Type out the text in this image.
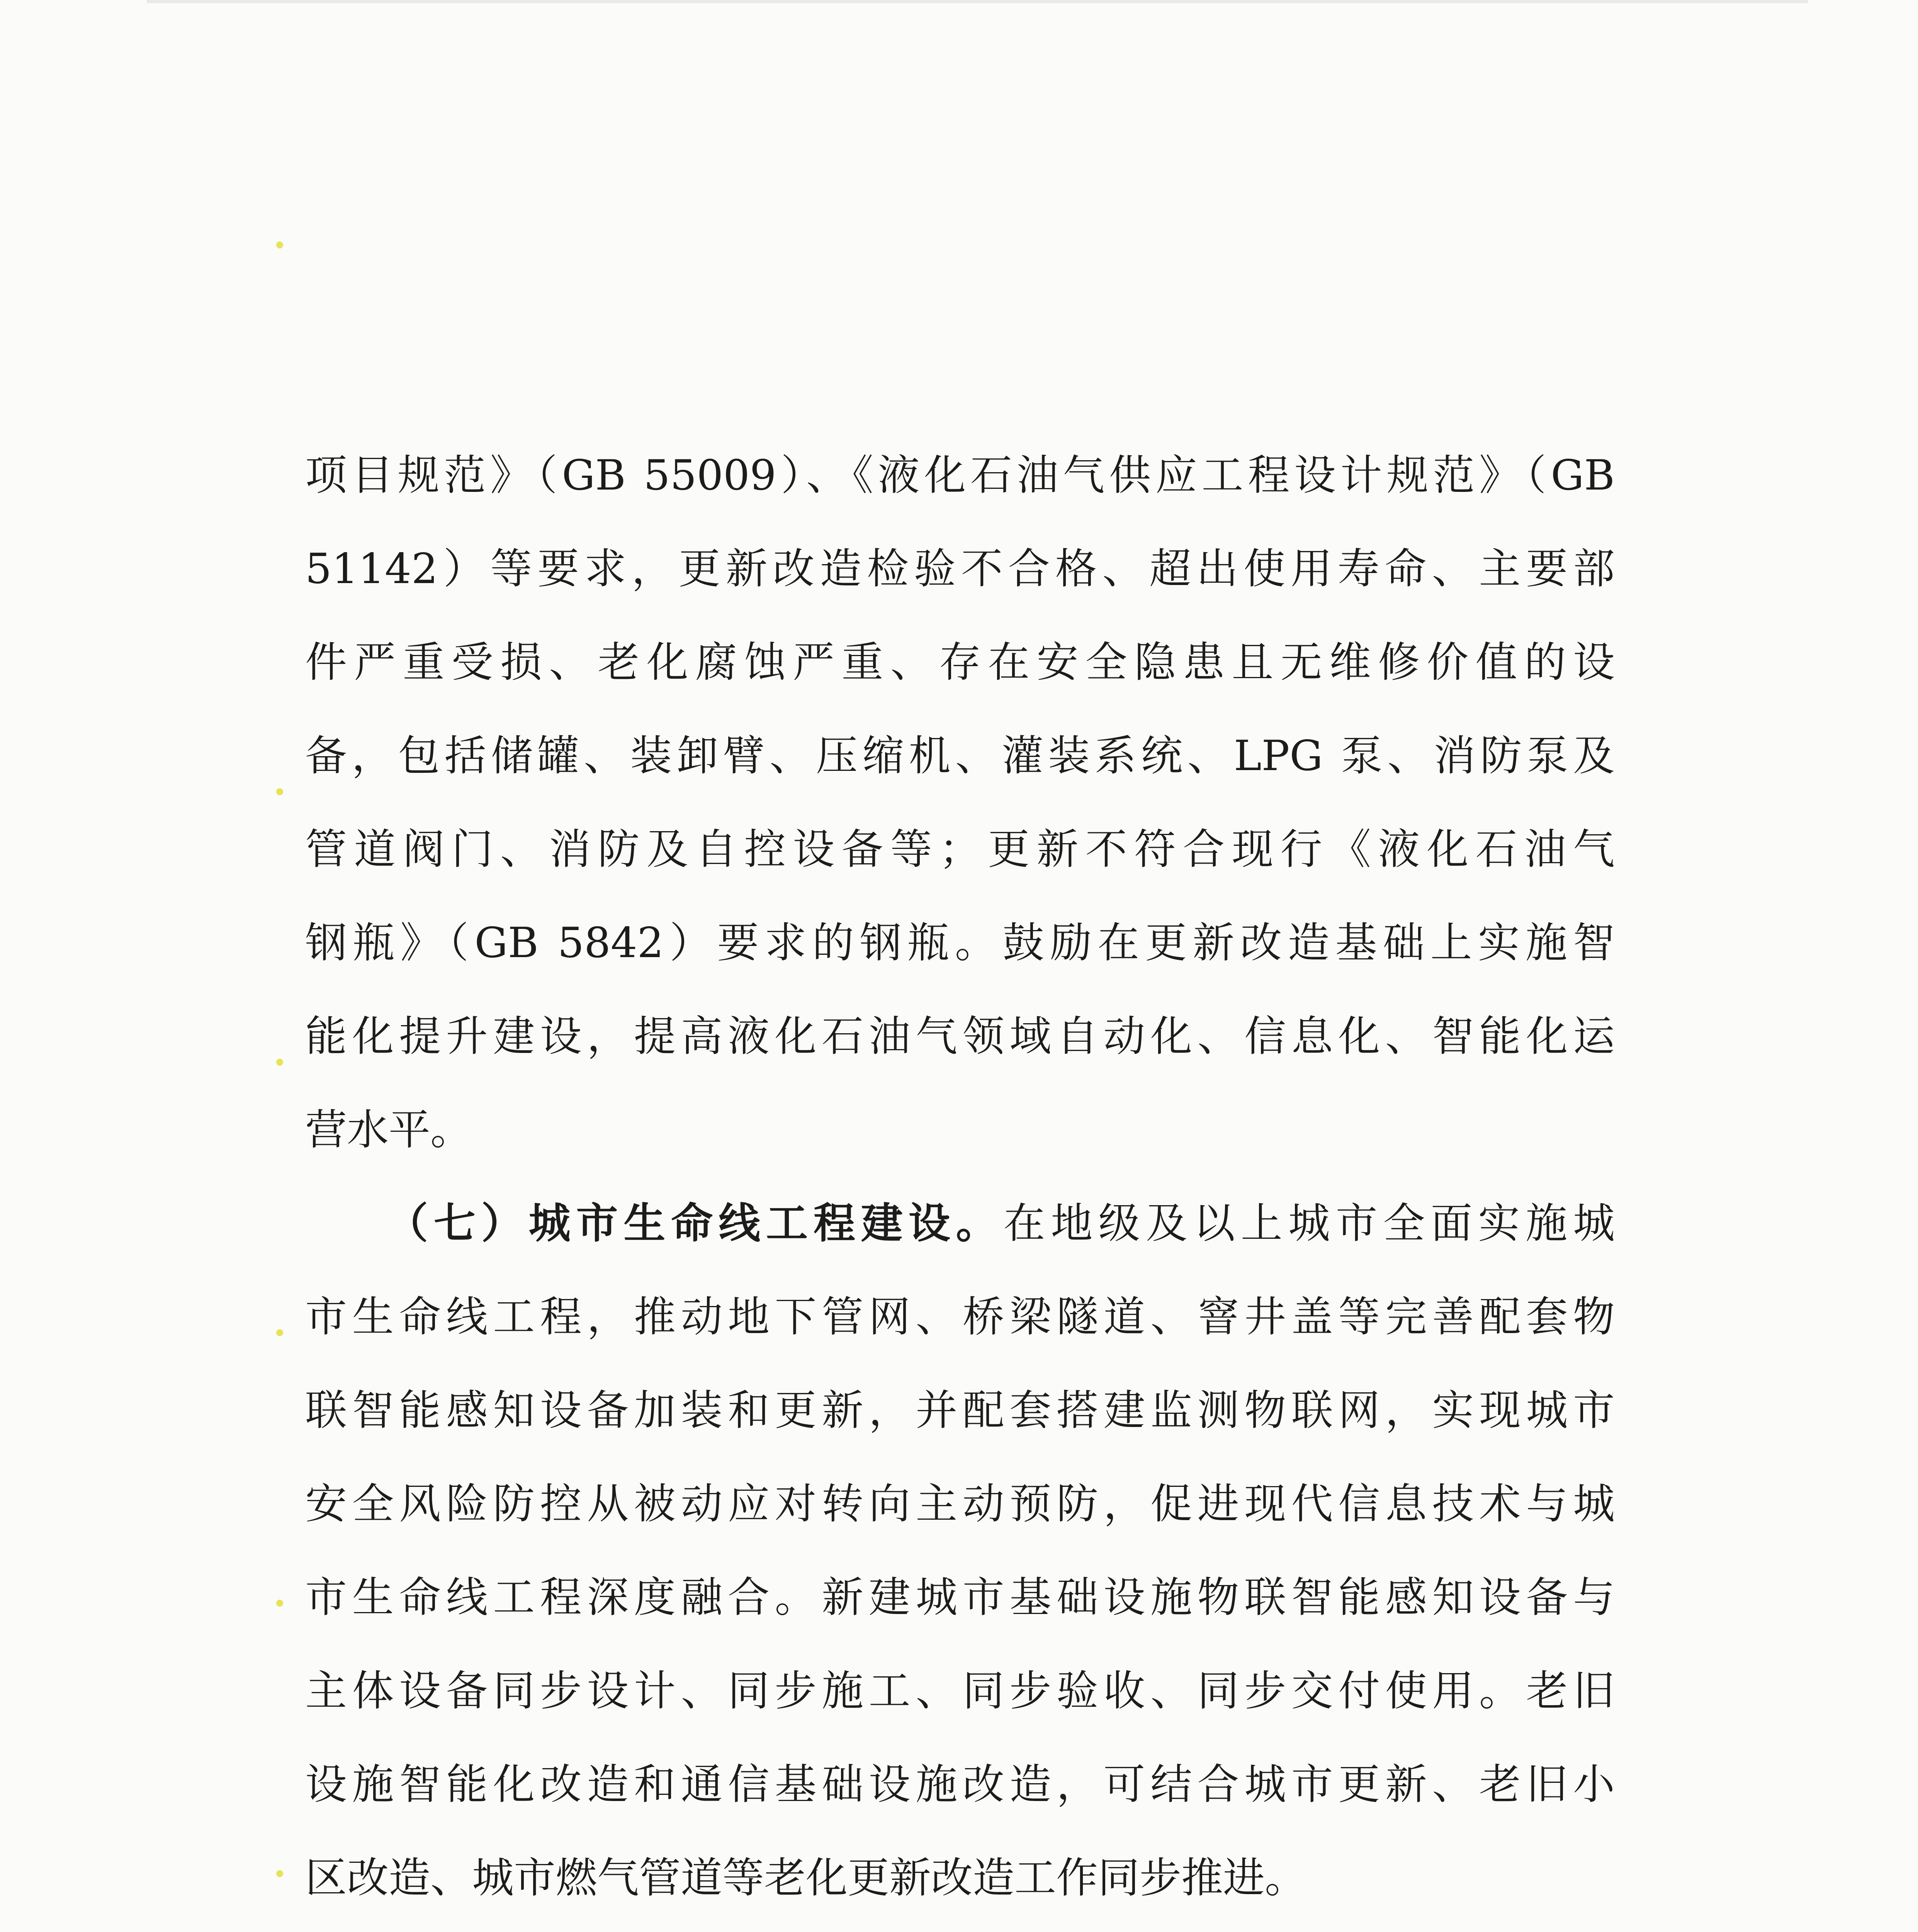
项目规范》（GB 55009）、《液化石油气供应工程设计规范》（GB
51142）等要求，更新改造检验不合格、超出使用寿命、主要部
件严重受损、老化腐蚀严重、存在安全隐患且无维修价值的设
备，包括储罐、装卸臂、压缩机、灌装系统、LPG 泵、消防泵及
管道阀门、消防及自控设备等；更新不符合现行《液化石油气
钢瓶》（GB 5842）要求的钢瓶。鼓励在更新改造基础上实施智
能化提升建设，提高液化石油气领域自动化、信息化、智能化运
营水平。
（七）城市生命线工程建设。在地级及以上城市全面实施城
市生命线工程，推动地下管网、桥梁隧道、窨井盖等完善配套物
联智能感知设备加装和更新，并配套搭建监测物联网，实现城市
安全风险防控从被动应对转向主动预防，促进现代信息技术与城
市生命线工程深度融合。新建城市基础设施物联智能感知设备与
主体设备同步设计、同步施工、同步验收、同步交付使用。老旧
设施智能化改造和通信基础设施改造，可结合城市更新、老旧小
区改造、城市燃气管道等老化更新改造工作同步推进。
